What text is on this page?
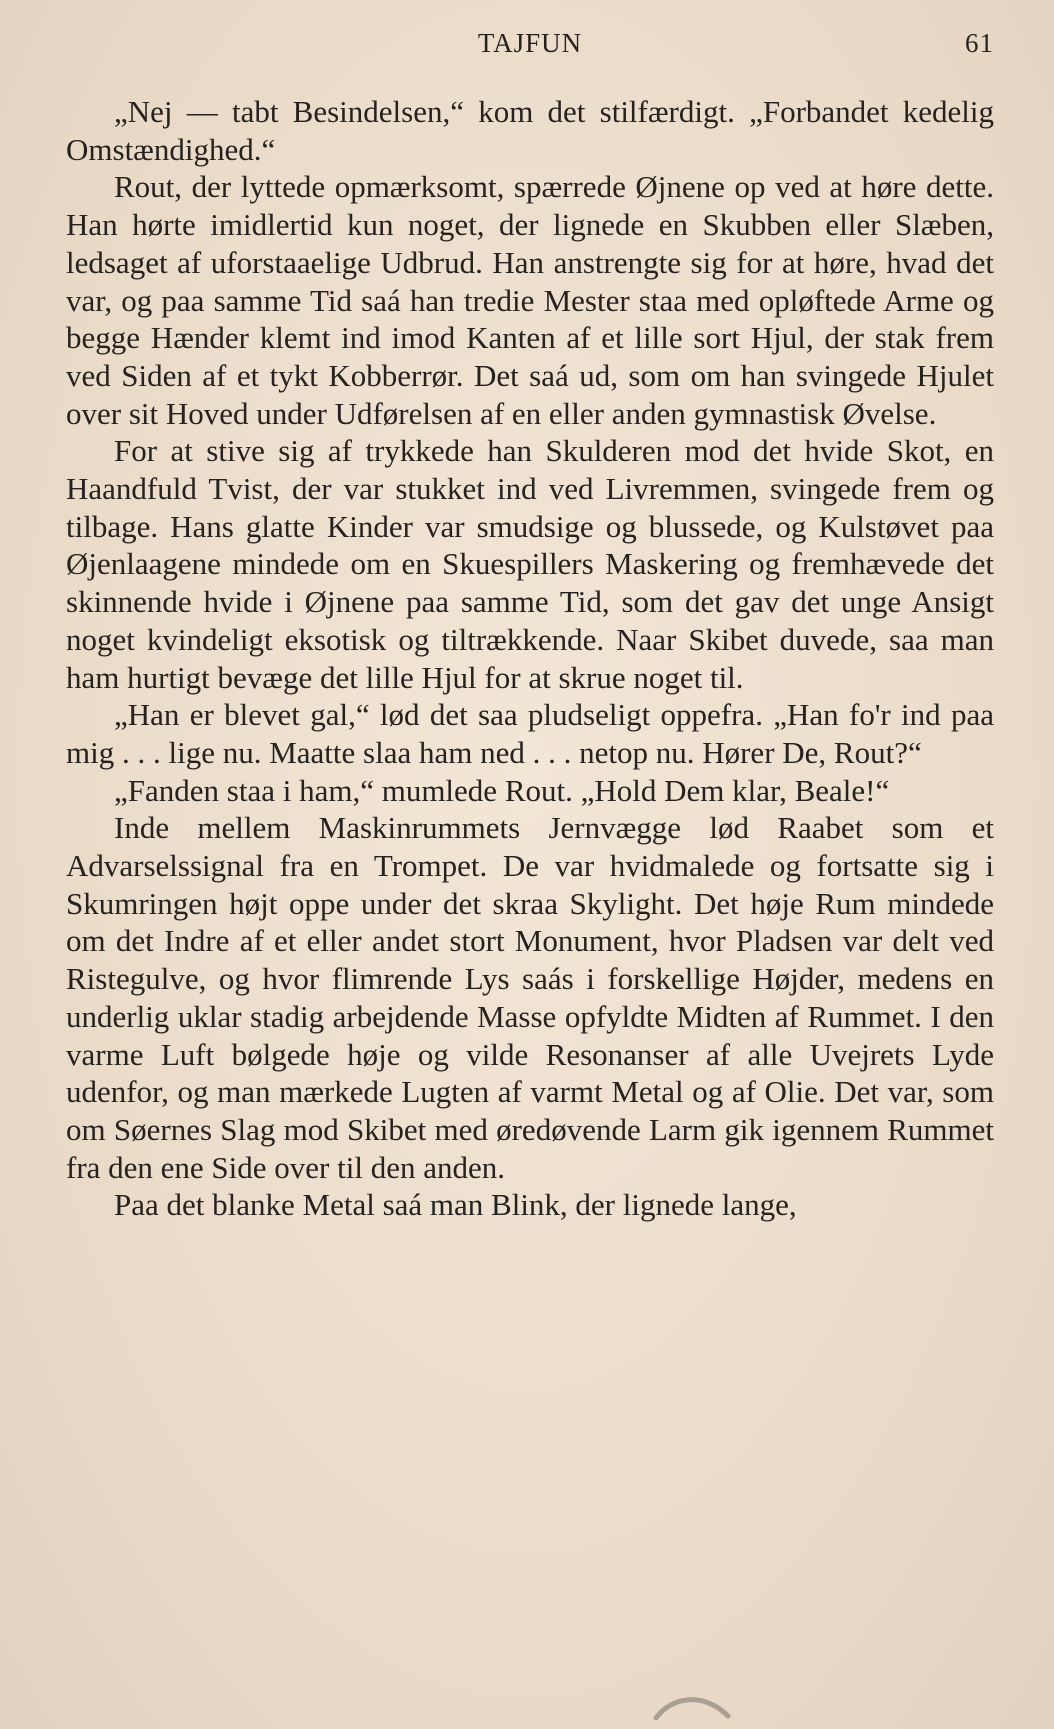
TAJFUN	61

„Nej — tabt Besindelsen,“ kom det stilfærdigt. „Forbandet kedelig Omstændighed.“

Rout, der lyttede opmærksomt, spærrede Øjnene op ved at høre dette. Han hørte imidlertid kun noget, der lignede en Skubben eller Slæben, ledsaget af uforstaaelige Udbrud. Han anstrengte sig for at høre, hvad det var, og paa samme Tid saá han tredie Mester staa med opløftede Arme og begge Hænder klemt ind imod Kanten af et lille sort Hjul, der stak frem ved Siden af et tykt Kobberrør. Det saá ud, som om han svingede Hjulet over sit Hoved under Udførelsen af en eller anden gymnastisk Øvelse.

For at stive sig af trykkede han Skulderen mod det hvide Skot, en Haandfuld Tvist, der var stukket ind ved Livremmen, svingede frem og tilbage. Hans glatte Kinder var smudsige og blussede, og Kulstøvet paa Øjenlaagene mindede om en Skuespillers Maskering og fremhævede det skinnende hvide i Øjnene paa samme Tid, som det gav det unge Ansigt noget kvindeligt eksotisk og tiltrækkende. Naar Skibet duvede, saa man ham hurtigt bevæge det lille Hjul for at skrue noget til.

„Han er blevet gal,“ lød det saa pludseligt oppefra. „Han fo'r ind paa mig . . . lige nu. Maatte slaa ham ned . . . netop nu. Hører De, Rout?“

„Fanden staa i ham,“ mumlede Rout. „Hold Dem klar, Beale!“

Inde mellem Maskinrummets Jernvægge lød Raabet som et Advarselssignal fra en Trompet. De var hvidmalede og fortsatte sig i Skumringen højt oppe under det skraa Skylight. Det høje Rum mindede om det Indre af et eller andet stort Monument, hvor Pladsen var delt ved Ristegulve, og hvor flimrende Lys saás i forskellige Højder, medens en underlig uklar stadig arbejdende Masse opfyldte Midten af Rummet. I den varme Luft bølgede høje og vilde Resonanser af alle Uvejrets Lyde udenfor, og man mærkede Lugten af varmt Metal og af Olie. Det var, som om Søernes Slag mod Skibet med øredøvende Larm gik igennem Rummet fra den ene Side over til den anden.

Paa det blanke Metal saá man Blink, der lignede lange,
